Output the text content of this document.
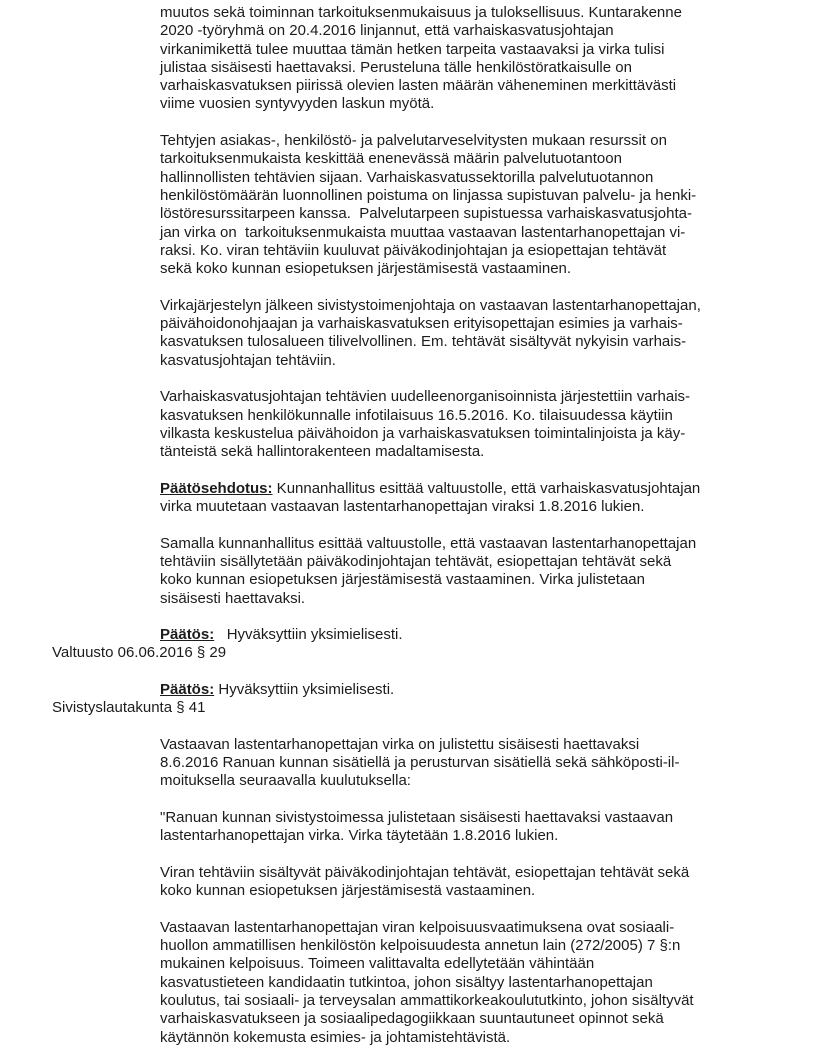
muutos sekä toiminnan tarkoituksenmukaisuus ja tuloksellisuus. Kuntarakenne
2020 -työryhmä on 20.4.2016 linjannut, että varhaiskasvatusjohtajan
virkanimikettä tulee muuttaa tämän hetken tarpeita vastaavaksi ja virka tulisi
julistaa sisäisesti haettavaksi. Perusteluna tälle henkilöstöratkaisulle on
varhaiskasvatuksen piirissä olevien lasten määrän väheneminen merkittävästi
viime vuosien syntyvyyden laskun myötä.
Tehtyjen asiakas-, henkilöstö- ja palvelutarveselvitysten mukaan resurssit on
tarkoituksenmukaista keskittää enenevässä määrin palvelutuotantoon
hallinnollisten tehtävien sijaan. Varhaiskasvatussektorilla palvelutuotannon
henkilöstömäärän luonnollinen poistuma on linjassa supistuvan palvelu- ja henki-
löstöresurssitarpeen kanssa.  Palvelutarpeen supistuessa varhaiskasvatusjohta-
jan virka on  tarkoituksenmukaista muuttaa vastaavan lastentarhanopettajan vi-
raksi. Ko. viran tehtäviin kuuluvat päiväkodinjohtajan ja esiopettajan tehtävät
sekä koko kunnan esiopetuksen järjestämisestä vastaaminen.
Virkajärjestelyn jälkeen sivistystoimenjohtaja on vastaavan lastentarhanopettajan,
päivähoidonohjaajan ja varhaiskasvatuksen erityisopettajan esimies ja varhais-
kasvatuksen tulosalueen tilivelvollinen. Em. tehtävät sisältyvät nykyisin varhais-
kasvatusjohtajan tehtäviin.
Varhaiskasvatusjohtajan tehtävien uudelleenorganisoinnista järjestettiin varhais-
kasvatuksen henkilökunnalle infotilaisuus 16.5.2016. Ko. tilaisuudessa käytiin
vilkasta keskustelua päivähoidon ja varhaiskasvatuksen toimintalinjoista ja käy-
tänteistä sekä hallintorakenteen madaltamisesta.
Päätösehdotus: Kunnanhallitus esittää valtuustolle, että varhaiskasvatusjohtajan
virka muutetaan vastaavan lastentarhanopettajan viraksi 1.8.2016 lukien.
Samalla kunnanhallitus esittää valtuustolle, että vastaavan lastentarhanopettajan
tehtäviin sisällytetään päiväkodinjohtajan tehtävät, esiopettajan tehtävät sekä
koko kunnan esiopetuksen järjestämisestä vastaaminen. Virka julistetaan
sisäisesti haettavaksi.
Päätös:   Hyväksyttiin yksimielisesti.
Valtuusto 06.06.2016 § 29
Päätös: Hyväksyttiin yksimielisesti.
Sivistyslautakunta § 41
Vastaavan lastentarhanopettajan virka on julistettu sisäisesti haettavaksi
8.6.2016 Ranuan kunnan sisätiellä ja perusturvan sisätiellä sekä sähköposti-il-
moituksella seuraavalla kuulutuksella:
"Ranuan kunnan sivistystoimessa julistetaan sisäisesti haettavaksi vastaavan
lastentarhanopettajan virka. Virka täytetään 1.8.2016 lukien.
Viran tehtäviin sisältyvät päiväkodinjohtajan tehtävät, esiopettajan tehtävät sekä
koko kunnan esiopetuksen järjestämisestä vastaaminen.
Vastaavan lastentarhanopettajan viran kelpoisuusvaatimuksena ovat sosiaali-
huollon ammatillisen henkilöstön kelpoisuudesta annetun lain (272/2005) 7 §:n
mukainen kelpoisuus. Toimeen valittavalta edellytetään vähintään
kasvatustieteen kandidaatin tutkintoa, johon sisältyy lastentarhanopettajan
koulutus, tai sosiaali- ja terveysalan ammattikorkeakoulututkinto, johon sisältyvät
varhaiskasvatukseen ja sosiaalipedagogiikkaan suuntautuneet opinnot sekä
käytännön kokemusta esimies- ja johtamistehtävistä.
